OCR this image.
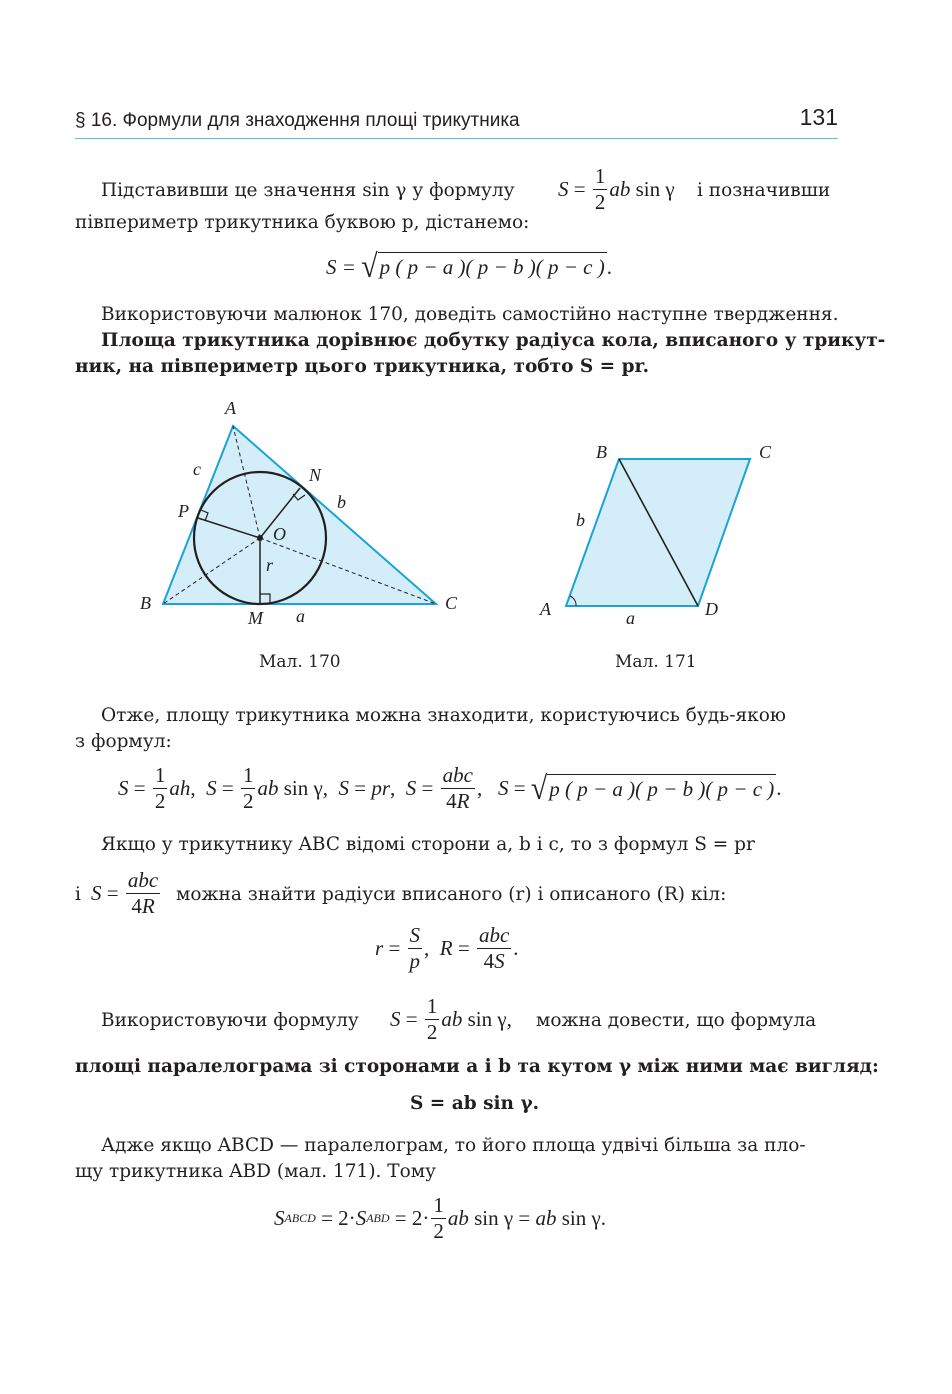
§ 16. Формули для знаходження площі трикутника	131
Підставивши це значення sin γ у формулу $S = \frac{1}{2}$ ab sin γ і позначивши
півпериметр трикутника буквою p, дістанемо:
S =
√ p ( p − a )( p − b )( p − c ) .
Використовуючи малюнок 170, доведіть самостійно наступне твердження.
Площа трикутника дорівнює добутку радіуса кола, вписаного у трикут-
ник, на півпериметр цього трикутника, тобто S = pr.
A
B	C
N
P
O
M a
b
c
r
Мал. 170
B	C
A	D
a
b
Мал. 171
Отже, площу трикутника можна знаходити, користуючись будь-якою
з формул:
$S = \frac{1}{2}$ ah , $S = \frac{1}{2}$ ab sin γ, S = pr , $S = \frac{\text{abc}}{4R}$ , S = √ p ( p − a )( p − b )( p − c ) .
Якщо у трикутнику ABC відомі сторони a, b і c, то з формул S = pr
і $S = \frac{\text{abc}}{4R}$ можна знайти радіуси вписаного (r) і описаного (R) кіл:
$r = \frac{S}{p}$ , $R = \frac{\text{abc}}{4S}$ .
Використовуючи формулу $S = \frac{1}{2}$ ab sin γ, можна довести, що формула
площі паралелограма зі сторонами a і b та кутом γ між ними має вигляд:
S = ab sin γ.
Адже якщо ABCD — паралелограм, то його площа удвічі більша за пло-
щу трикутника ABD (мал. 171). Тому
S ABCD = 2· S ABD = $2\cdot \frac{1}{2}$ ab sin γ = ab sin γ.
